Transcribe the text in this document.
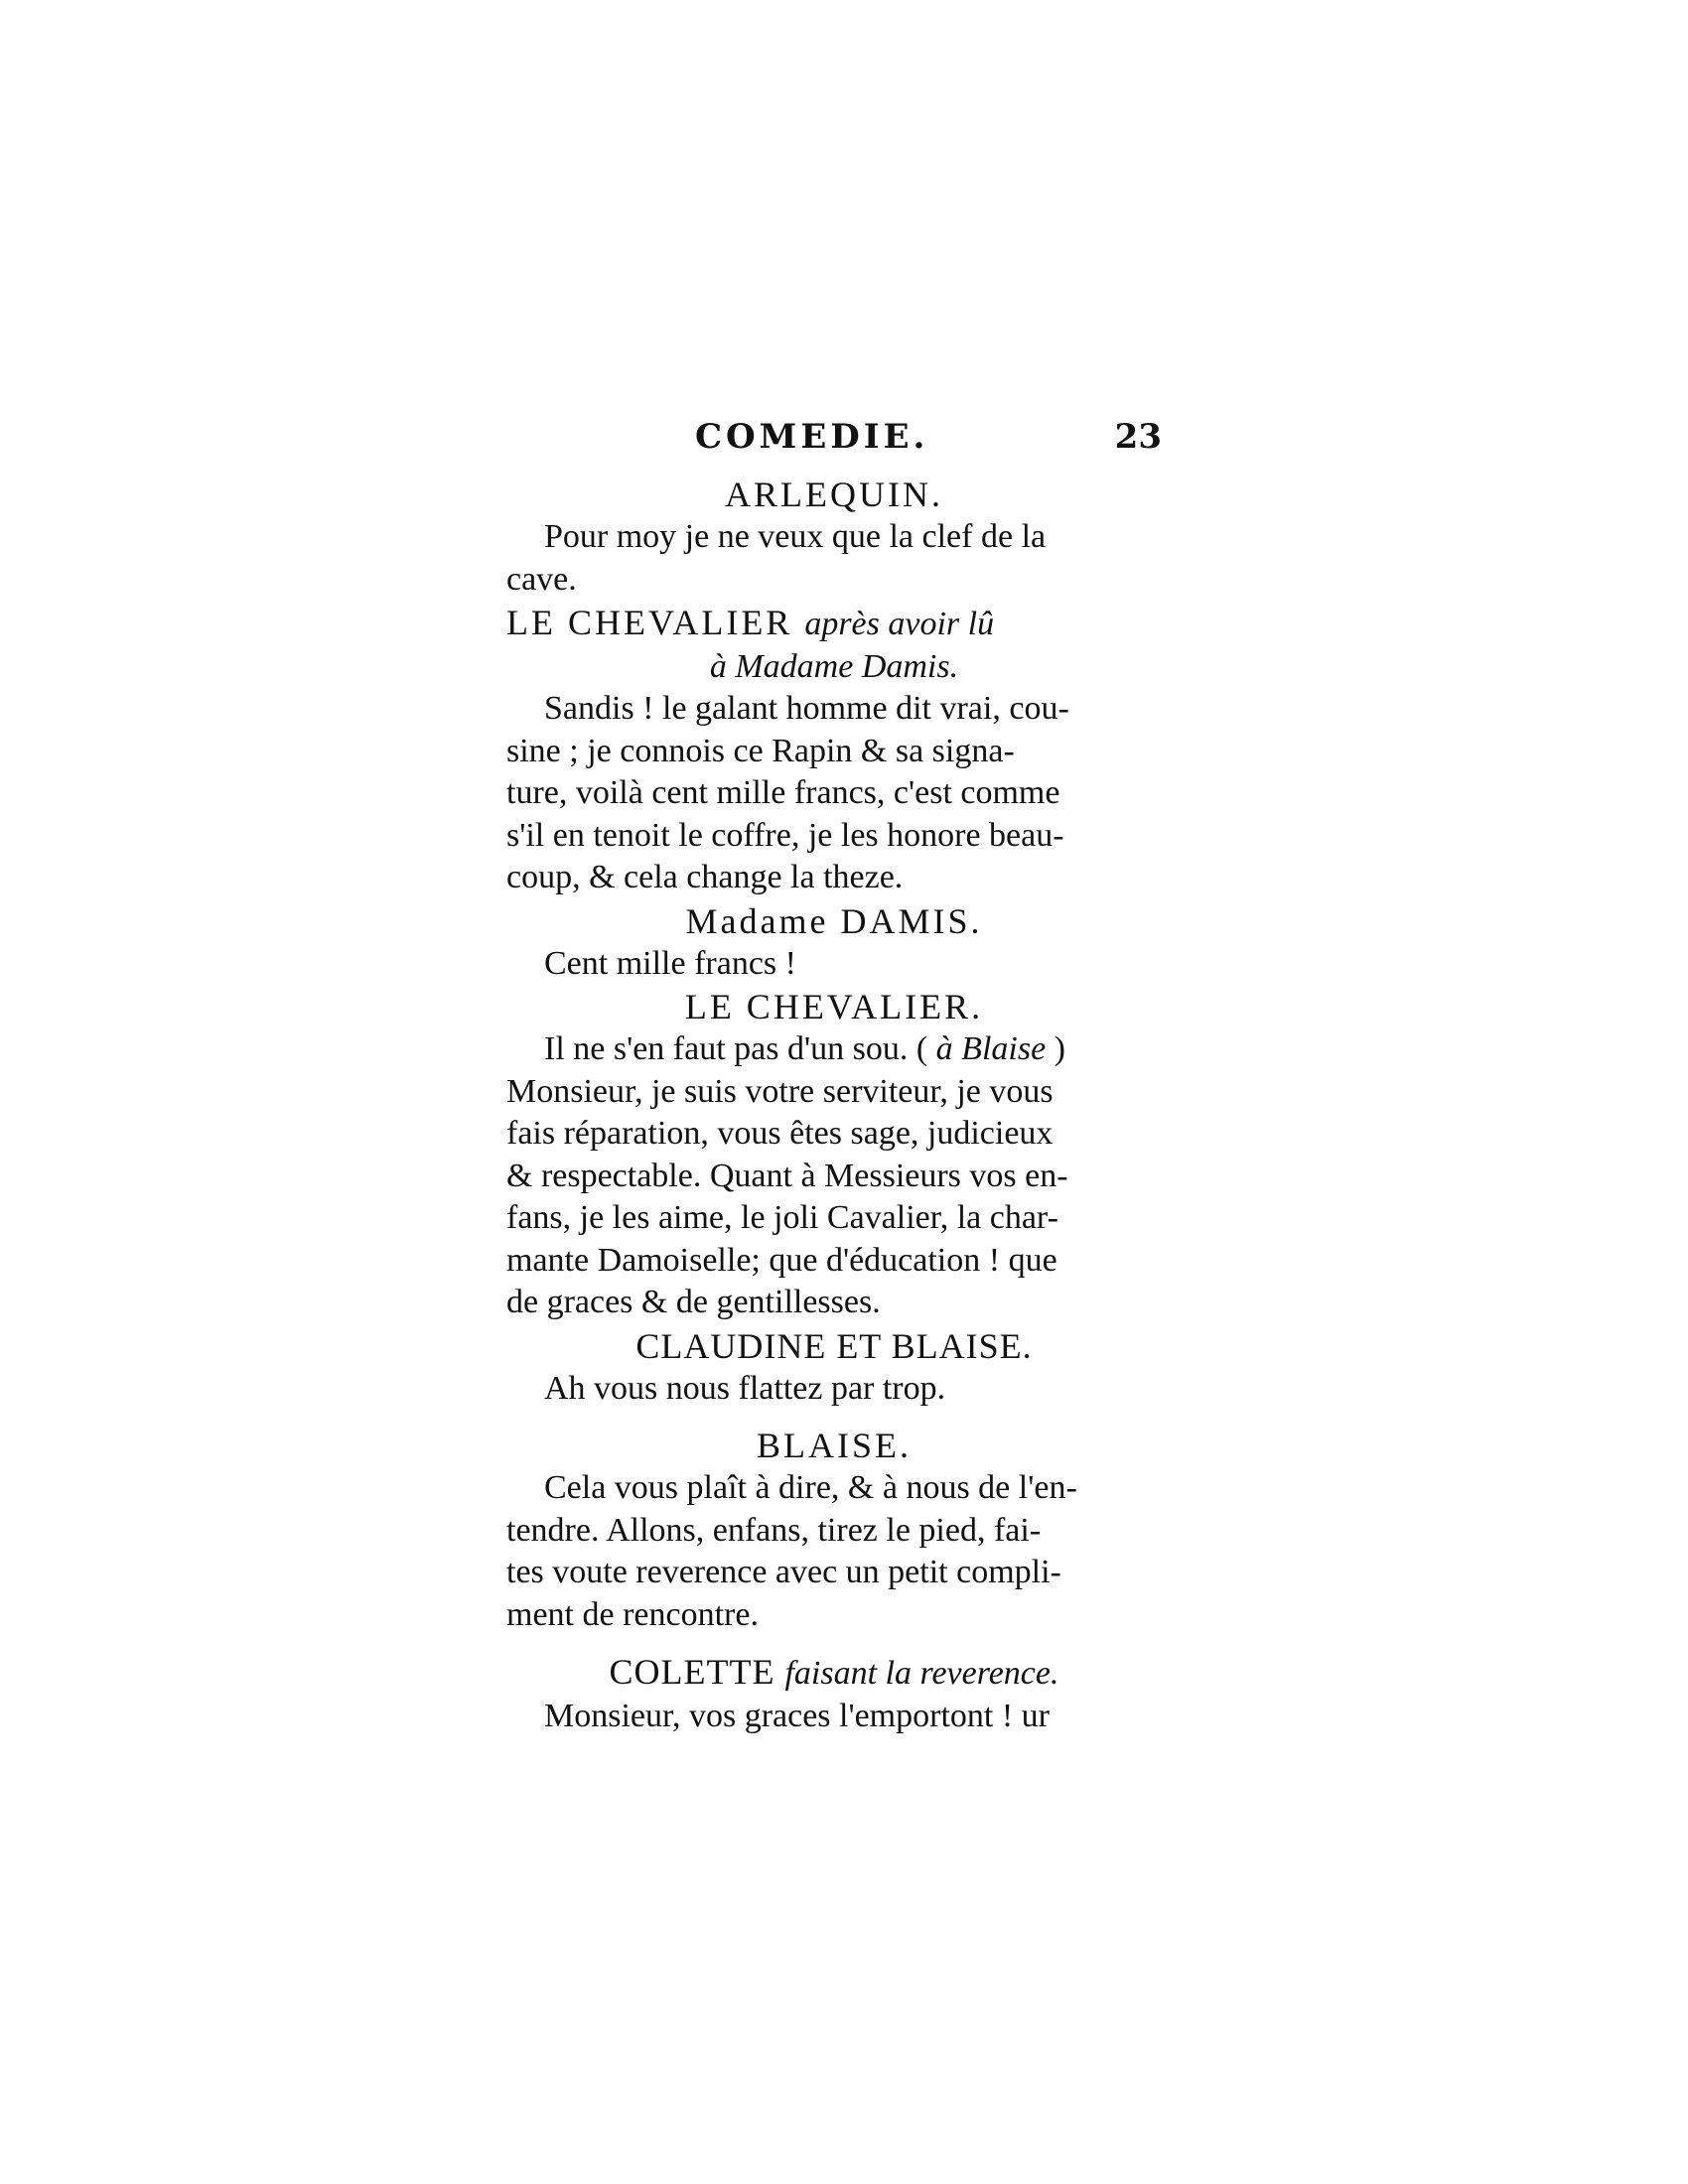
COMEDIE.	23

ARLEQUIN.

Pour moy je ne veux que la clef de la

cave.

LE CHEVALIER après avoir lû

à Madame Damis.

Sandis ! le galant homme dit vrai, cou-

sine ; je connois ce Rapin & sa signa-

ture, voilà cent mille francs, c'est comme

s'il en tenoit le coffre, je les honore beau-

coup, & cela change la theze.

Madame DAMIS.

Cent mille francs !

LE CHEVALIER.

Il ne s'en faut pas d'un sou. ( à Blaise )

Monsieur, je suis votre serviteur, je vous

fais réparation, vous êtes sage, judicieux

& respectable. Quant à Messieurs vos en-

fans, je les aime, le joli Cavalier, la char-

mante Damoiselle; que d'éducation ! que

de graces & de gentillesses.

CLAUDINE ET BLAISE.

Ah vous nous flattez par trop.

BLAISE.

Cela vous plaît à dire, & à nous de l'en-

tendre. Allons, enfans, tirez le pied, fai-

tes voute reverence avec un petit compli-

ment de rencontre.

COLETTE faisant la reverence.

Monsieur, vos graces l'emportont ! ur
